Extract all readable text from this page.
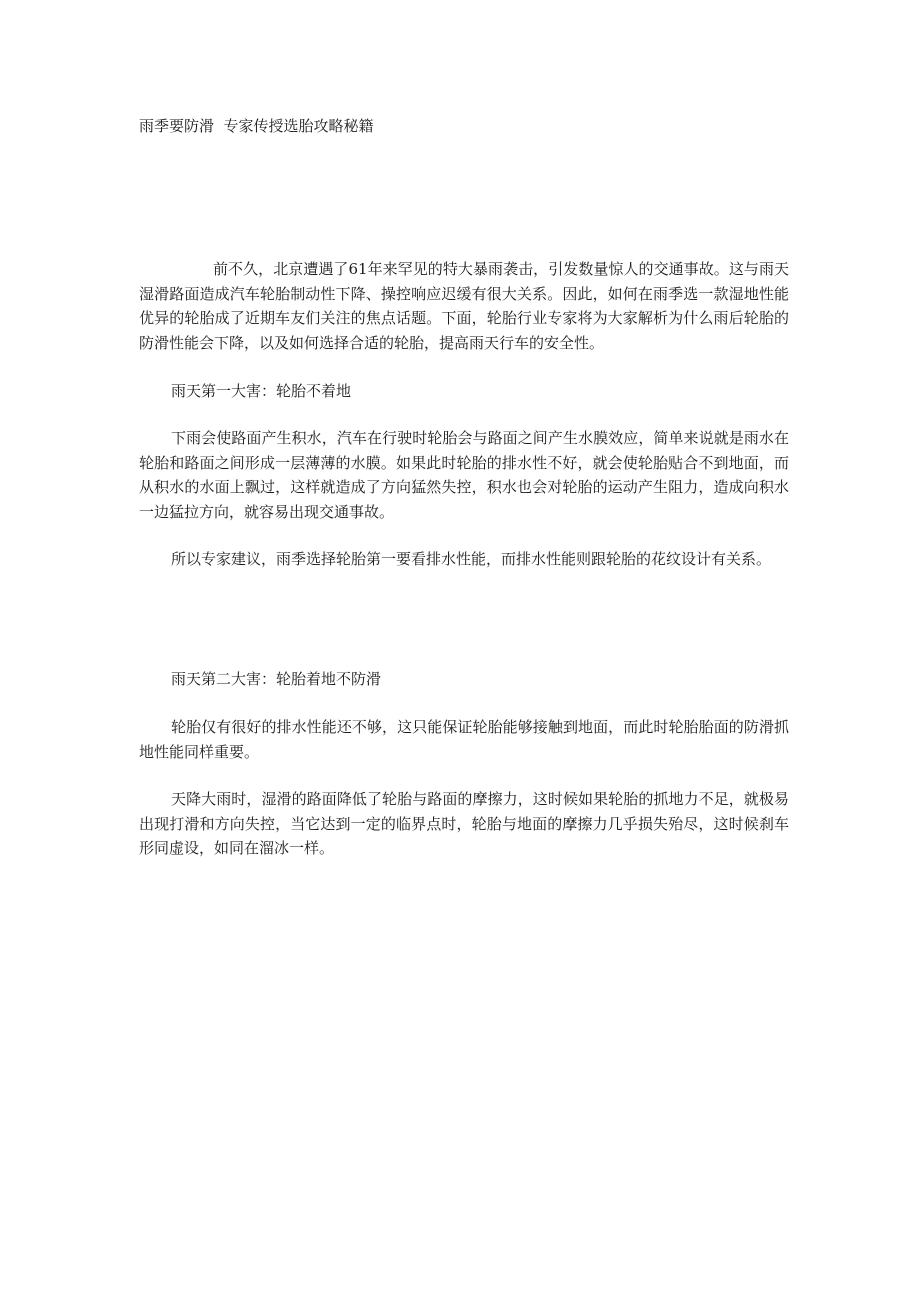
雨季要防滑  专家传授选胎攻略秘籍

前不久，北京遭遇了61年来罕见的特大暴雨袭击，引发数量惊人的交通事故。这与雨天湿滑路面造成汽车轮胎制动性下降、操控响应迟缓有很大关系。因此，如何在雨季选一款湿地性能优异的轮胎成了近期车友们关注的焦点话题。下面，轮胎行业专家将为大家解析为什么雨后轮胎的防滑性能会下降，以及如何选择合适的轮胎，提高雨天行车的安全性。

雨天第一大害：轮胎不着地

下雨会使路面产生积水，汽车在行驶时轮胎会与路面之间产生水膜效应，简单来说就是雨水在轮胎和路面之间形成一层薄薄的水膜。如果此时轮胎的排水性不好，就会使轮胎贴合不到地面，而从积水的水面上飘过，这样就造成了方向猛然失控，积水也会对轮胎的运动产生阻力，造成向积水一边猛拉方向，就容易出现交通事故。

所以专家建议，雨季选择轮胎第一要看排水性能，而排水性能则跟轮胎的花纹设计有关系。

雨天第二大害：轮胎着地不防滑

轮胎仅有很好的排水性能还不够，这只能保证轮胎能够接触到地面，而此时轮胎胎面的防滑抓地性能同样重要。

天降大雨时，湿滑的路面降低了轮胎与路面的摩擦力，这时候如果轮胎的抓地力不足，就极易出现打滑和方向失控，当它达到一定的临界点时，轮胎与地面的摩擦力几乎损失殆尽，这时候刹车形同虚设，如同在溜冰一样。
